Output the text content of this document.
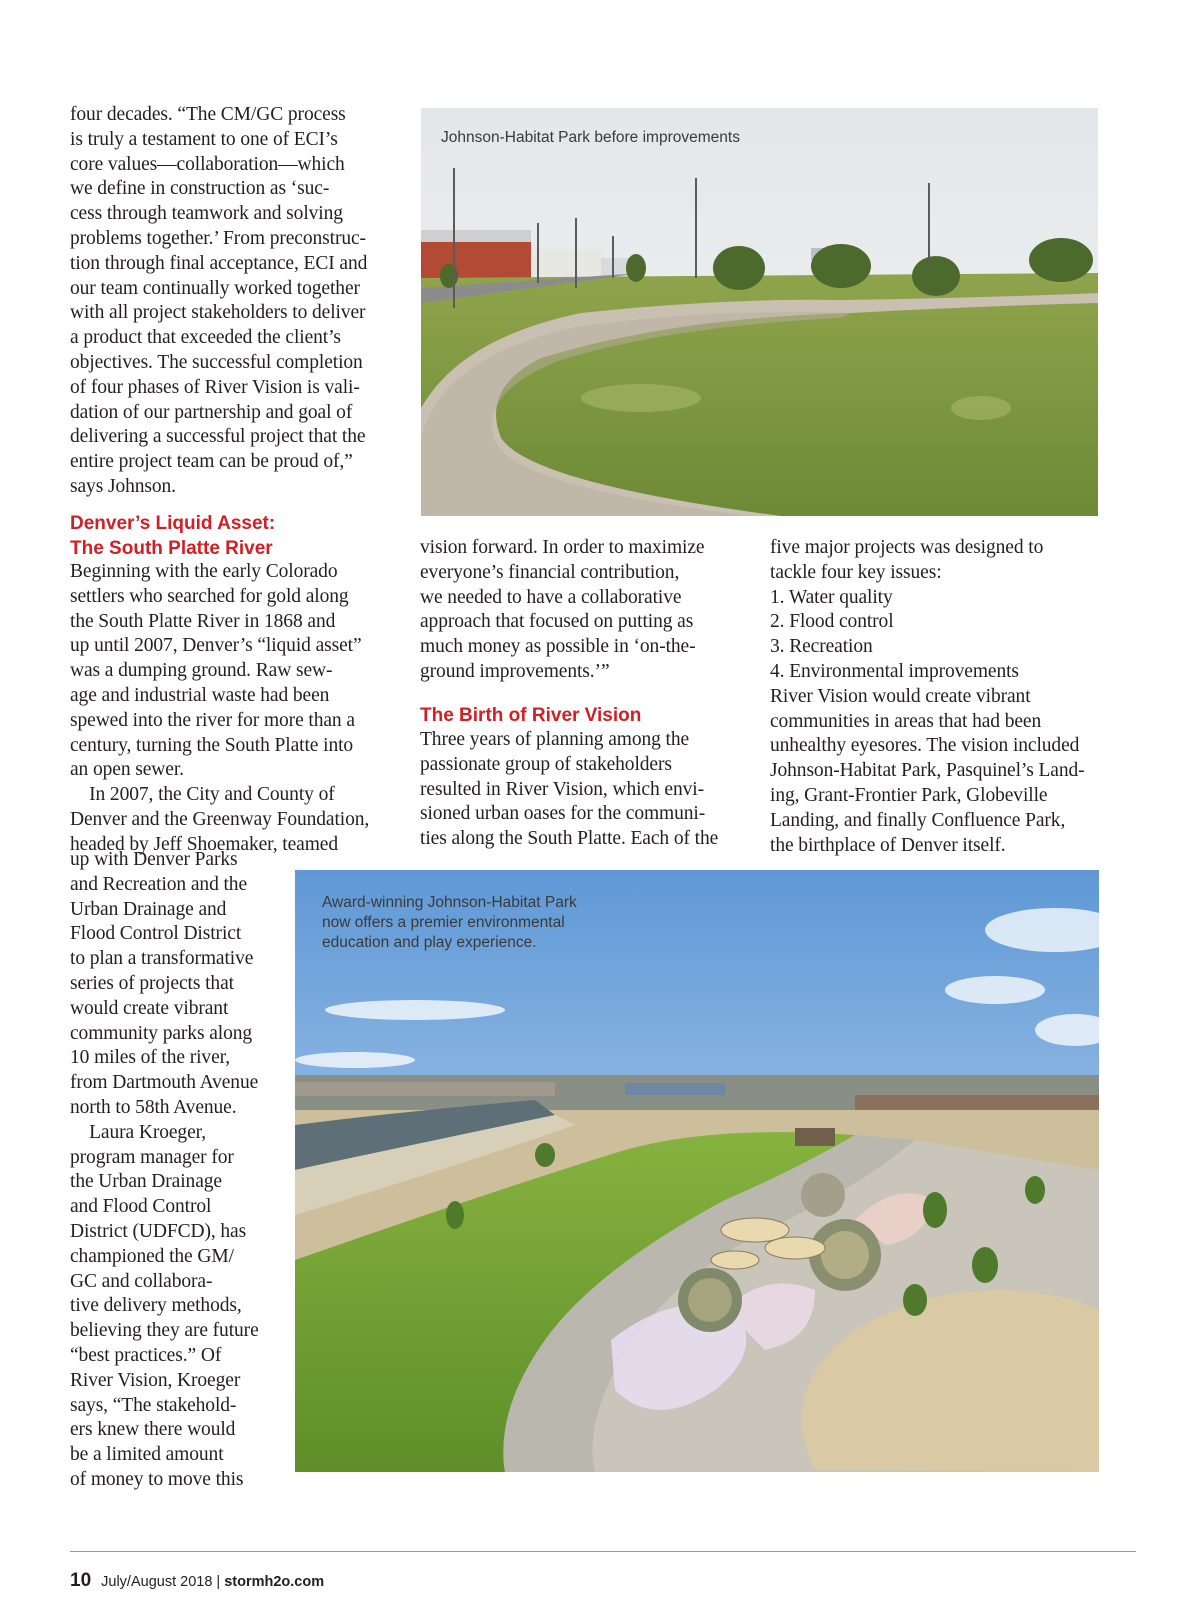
four decades. “The CM/GC process
is truly a testament to one of ECI’s
core values—collaboration—which
we define in construction as ‘suc-
cess through teamwork and solving
problems together.’ From preconstruc-
tion through final acceptance, ECI and
our team continually worked together
with all project stakeholders to deliver
a product that exceeded the client’s
objectives. The successful completion
of four phases of River Vision is vali-
dation of our partnership and goal of
delivering a successful project that the
entire project team can be proud of,”
says Johnson.

Denver’s Liquid Asset:
The South Platte River

Beginning with the early Colorado
settlers who searched for gold along
the South Platte River in 1868 and
up until 2007, Denver’s “liquid asset”
was a dumping ground. Raw sew-
age and industrial waste had been
spewed into the river for more than a
century, turning the South Platte into
an open sewer.
In 2007, the City and County of
Denver and the Greenway Foundation,
headed by Jeff Shoemaker, teamed

up with Denver Parks
and Recreation and the
Urban Drainage and
Flood Control District
to plan a transformative
series of projects that
would create vibrant
community parks along
10 miles of the river,
from Dartmouth Avenue
north to 58th Avenue.
Laura Kroeger,
program manager for
the Urban Drainage
and Flood Control
District (UDFCD), has
championed the GM/
GC and collabora-
tive delivery methods,
believing they are future
“best practices.” Of
River Vision, Kroeger
says, “The stakehold-
ers knew there would
be a limited amount
of money to move this

vision forward. In order to maximize
everyone’s financial contribution,
we needed to have a collaborative
approach that focused on putting as
much money as possible in ‘on-the-
ground improvements.’”

The Birth of River Vision

Three years of planning among the
passionate group of stakeholders
resulted in River Vision, which envi-
sioned urban oases for the communi-
ties along the South Platte. Each of the

five major projects was designed to
tackle four key issues:
1. Water quality
2. Flood control
3. Recreation
4. Environmental improvements
River Vision would create vibrant
communities in areas that had been
unhealthy eyesores. The vision included
Johnson-Habitat Park, Pasquinel’s Land-
ing, Grant-Frontier Park, Globeville
Landing, and finally Confluence Park,
the birthplace of Denver itself.

Johnson-Habitat Park before improvements
Award-winning Johnson-Habitat Park
now offers a premier environmental
education and play experience.
10 July/August 2018 | stormh2o.com
